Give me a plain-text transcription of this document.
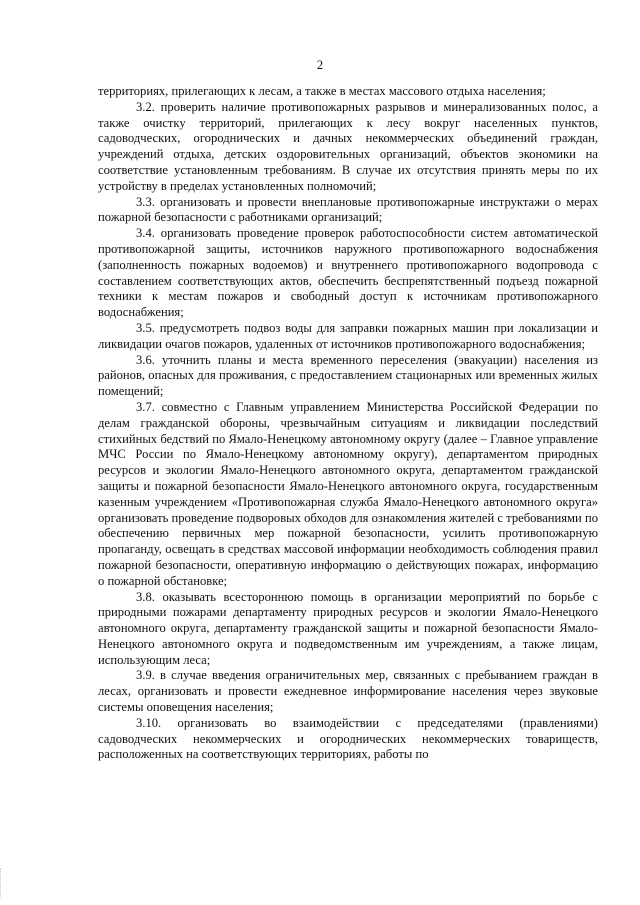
2

территориях, прилегающих к лесам, а также в местах массового отдыха населения;

3.2. проверить наличие противопожарных разрывов и минерализованных полос, а также очистку территорий, прилегающих к лесу вокруг населенных пунктов, садоводческих, огороднических и дачных некоммерческих объединений граждан, учреждений отдыха, детских оздоровительных организаций, объектов экономики на соответствие установленным требованиям. В случае их отсутствия принять меры по их устройству в пределах установленных полномочий;

3.3. организовать и провести внеплановые противопожарные инструктажи о мерах пожарной безопасности с работниками организаций;

3.4. организовать проведение проверок работоспособности систем автоматической противопожарной защиты, источников наружного противопожарного водоснабжения (заполненность пожарных водоемов) и внутреннего противопожарного водопровода с составлением соответствующих актов, обеспечить беспрепятственный подъезд пожарной техники к местам пожаров и свободный доступ к источникам противопожарного водоснабжения;

3.5. предусмотреть подвоз воды для заправки пожарных машин при локализации и ликвидации очагов пожаров, удаленных от источников противопожарного водоснабжения;

3.6. уточнить планы и места временного переселения (эвакуации) населения из районов, опасных для проживания, с предоставлением стационарных или временных жилых помещений;

3.7. совместно с Главным управлением Министерства Российской Федерации по делам гражданской обороны, чрезвычайным ситуациям и ликвидации последствий стихийных бедствий по Ямало-Ненецкому автономному округу (далее – Главное управление МЧС России по Ямало-Ненецкому автономному округу), департаментом природных ресурсов и экологии Ямало-Ненецкого автономного округа, департаментом гражданской защиты и пожарной безопасности Ямало-Ненецкого автономного округа, государственным казенным учреждением «Противопожарная служба Ямало-Ненецкого автономного округа» организовать проведение подворовых обходов для ознакомления жителей с требованиями по обеспечению первичных мер пожарной безопасности, усилить противопожарную пропаганду, освещать в средствах массовой информации необходимость соблюдения правил пожарной безопасности, оперативную информацию о действующих пожарах, информацию о пожарной обстановке;

3.8. оказывать всестороннюю помощь в организации мероприятий по борьбе с природными пожарами департаменту природных ресурсов и экологии Ямало-Ненецкого автономного округа, департаменту гражданской защиты и пожарной безопасности Ямало-Ненецкого автономного округа и подведомственным им учреждениям, а также лицам, использующим леса;

3.9. в случае введения ограничительных мер, связанных с пребыванием граждан в лесах, организовать и провести ежедневное информирование населения через звуковые системы оповещения населения;

3.10. организовать во взаимодействии с председателями (правлениями) садоводческих некоммерческих и огороднических некоммерческих товариществ, расположенных на соответствующих территориях, работы по
